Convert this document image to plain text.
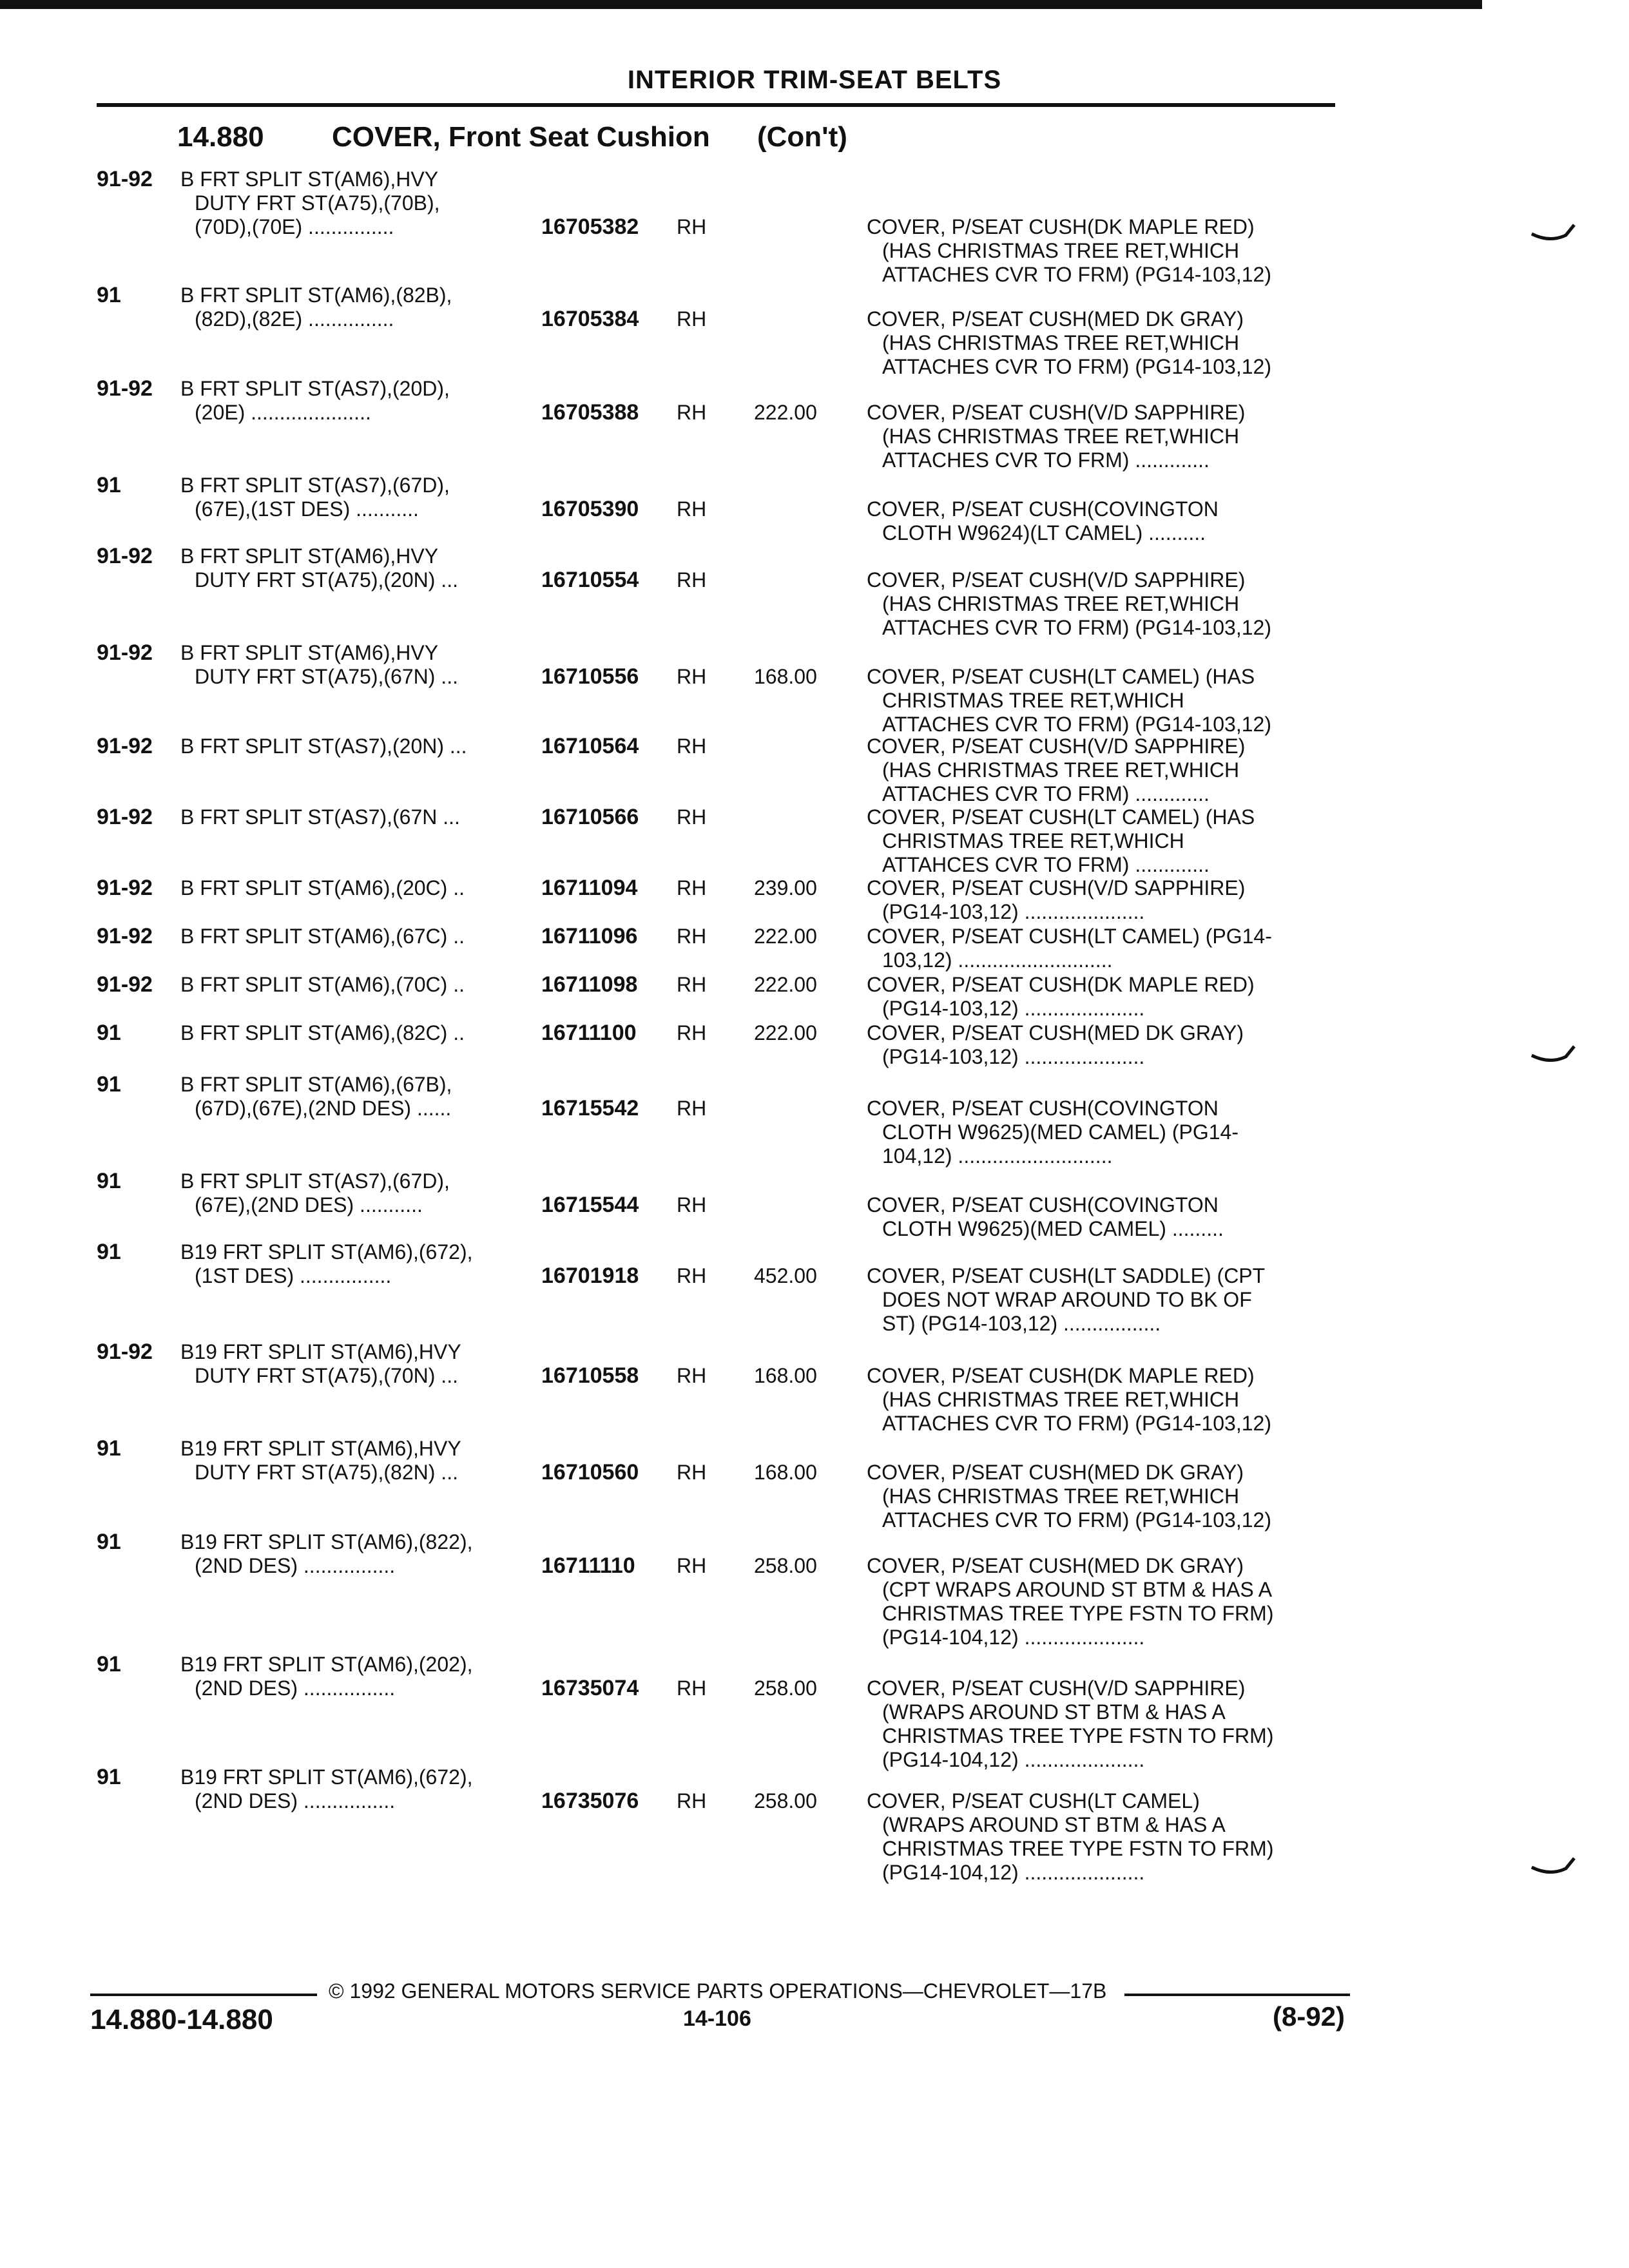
INTERIOR TRIM-SEAT BELTS
14.880 COVER, Front Seat Cushion (Con't)
91-92 B FRT SPLIT ST(AM6),HVY
DUTY FRT ST(A75),(70B),
(70D),(70E) ...............	16705382 RH	COVER, P/SEAT CUSH(DK MAPLE RED)
(HAS CHRISTMAS TREE RET,WHICH
ATTACHES CVR TO FRM) (PG14-103,12)
91	B FRT SPLIT ST(AM6),(82B),
(82D),(82E) ...............	16705384 RH	COVER, P/SEAT CUSH(MED DK GRAY)
(HAS CHRISTMAS TREE RET,WHICH
ATTACHES CVR TO FRM) (PG14-103,12)
91-92 B FRT SPLIT ST(AS7),(20D),
(20E) .....................	16705388 RH 222.00 COVER, P/SEAT CUSH(V/D SAPPHIRE)
(HAS CHRISTMAS TREE RET,WHICH
ATTACHES CVR TO FRM) .............
91	B FRT SPLIT ST(AS7),(67D),
(67E),(1ST DES) ...........	16705390 RH	COVER, P/SEAT CUSH(COVINGTON
CLOTH W9624)(LT CAMEL) ..........
91-92 B FRT SPLIT ST(AM6),HVY
DUTY FRT ST(A75),(20N) ...	16710554 RH	COVER, P/SEAT CUSH(V/D SAPPHIRE)
(HAS CHRISTMAS TREE RET,WHICH
ATTACHES CVR TO FRM) (PG14-103,12)
91-92 B FRT SPLIT ST(AM6),HVY
DUTY FRT ST(A75),(67N) ...	16710556 RH 168.00 COVER, P/SEAT CUSH(LT CAMEL) (HAS
CHRISTMAS TREE RET,WHICH
ATTACHES CVR TO FRM) (PG14-103,12)
91-92 B FRT SPLIT ST(AS7),(20N) ...	16710564 RH	COVER, P/SEAT CUSH(V/D SAPPHIRE)
(HAS CHRISTMAS TREE RET,WHICH
ATTACHES CVR TO FRM) .............
91-92 B FRT SPLIT ST(AS7),(67N ...	16710566 RH	COVER, P/SEAT CUSH(LT CAMEL) (HAS
CHRISTMAS TREE RET,WHICH
ATTAHCES CVR TO FRM) .............
91-92 B FRT SPLIT ST(AM6),(20C) ..	16711094 RH 239.00 COVER, P/SEAT CUSH(V/D SAPPHIRE)
(PG14-103,12) .....................
91-92 B FRT SPLIT ST(AM6),(67C) ..	16711096 RH 222.00 COVER, P/SEAT CUSH(LT CAMEL) (PG14-
103,12) ...........................
91-92 B FRT SPLIT ST(AM6),(70C) ..	16711098 RH 222.00 COVER, P/SEAT CUSH(DK MAPLE RED)
(PG14-103,12) .....................
91	B FRT SPLIT ST(AM6),(82C) ..	16711100 RH 222.00 COVER, P/SEAT CUSH(MED DK GRAY)
(PG14-103,12) .....................
91	B FRT SPLIT ST(AM6),(67B),
(67D),(67E),(2ND DES) ......	16715542 RH	COVER, P/SEAT CUSH(COVINGTON
CLOTH W9625)(MED CAMEL) (PG14-
104,12) ...........................
91	B FRT SPLIT ST(AS7),(67D),
(67E),(2ND DES) ...........	16715544 RH	COVER, P/SEAT CUSH(COVINGTON
CLOTH W9625)(MED CAMEL) .........
91	B19 FRT SPLIT ST(AM6),(672),
(1ST DES) ................	16701918 RH 452.00 COVER, P/SEAT CUSH(LT SADDLE) (CPT
DOES NOT WRAP AROUND TO BK OF
ST) (PG14-103,12) .................
91-92 B19 FRT SPLIT ST(AM6),HVY
DUTY FRT ST(A75),(70N) ...	16710558 RH 168.00 COVER, P/SEAT CUSH(DK MAPLE RED)
(HAS CHRISTMAS TREE RET,WHICH
ATTACHES CVR TO FRM) (PG14-103,12)
91	B19 FRT SPLIT ST(AM6),HVY
DUTY FRT ST(A75),(82N) ...	16710560 RH 168.00 COVER, P/SEAT CUSH(MED DK GRAY)
(HAS CHRISTMAS TREE RET,WHICH
ATTACHES CVR TO FRM) (PG14-103,12)
91	B19 FRT SPLIT ST(AM6),(822),
(2ND DES) ................	16711110 RH 258.00 COVER, P/SEAT CUSH(MED DK GRAY)
(CPT WRAPS AROUND ST BTM & HAS A
CHRISTMAS TREE TYPE FSTN TO FRM)
(PG14-104,12) .....................
91	B19 FRT SPLIT ST(AM6),(202),
(2ND DES) ................	16735074 RH 258.00 COVER, P/SEAT CUSH(V/D SAPPHIRE)
(WRAPS AROUND ST BTM & HAS A
CHRISTMAS TREE TYPE FSTN TO FRM)
(PG14-104,12) .....................
91	B19 FRT SPLIT ST(AM6),(672),
(2ND DES) ................	16735076 RH 258.00 COVER, P/SEAT CUSH(LT CAMEL)
(WRAPS AROUND ST BTM & HAS A
CHRISTMAS TREE TYPE FSTN TO FRM)
(PG14-104,12) .....................
© 1992 GENERAL MOTORS SERVICE PARTS OPERATIONS—CHEVROLET—17B
14.880-14.880	14-106	(8-92)
